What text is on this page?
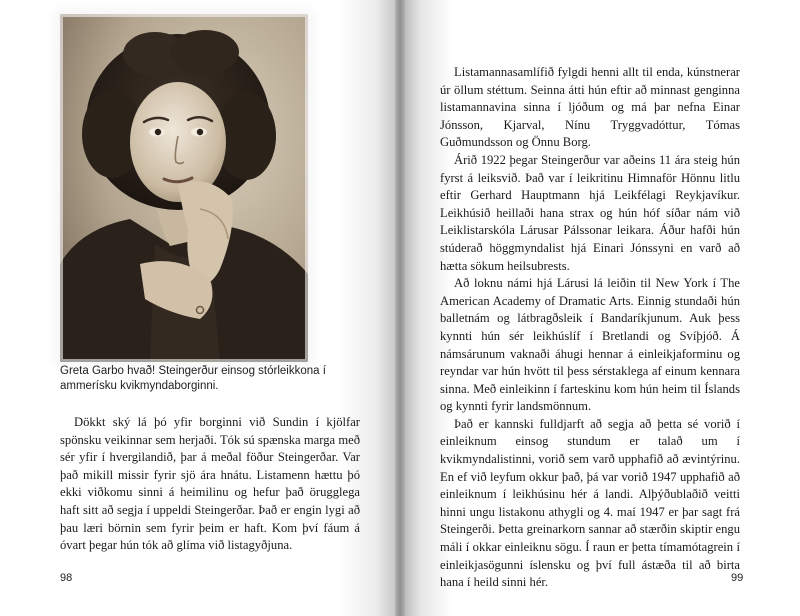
Greta Garbo hvað! Steingerður einsog stórleikkona í ammerísku kvikmyndaborginni.

Dökkt ský lá þó yfir borginni við Sundin í kjölfar spönsku veikinnar sem herjaði. Tók sú spænska marga með sér yfir í hvergilandið, þar á meðal föður Steingerðar. Var það mikill missir fyrir sjö ára hnátu. Listamenn hættu þó ekki viðkomu sinni á heimilinu og hefur það örugglega haft sitt að segja í uppeldi Steingerðar. Það er engin lygi að þau læri börnin sem fyrir þeim er haft. Kom því fáum á óvart þegar hún tók að glíma við listagyðjuna.

98

Listamannasamlífið fylgdi henni allt til enda, kúnstnerar úr öllum stéttum. Seinna átti hún eftir að minnast genginna listamannavina sinna í ljóðum og má þar nefna Einar Jónsson, Kjarval, Nínu Tryggvadóttur, Tómas Guðmundsson og Önnu Borg.

Árið 1922 þegar Steingerður var aðeins 11 ára steig hún fyrst á leiksvið. Það var í leikritinu Himnaför Hönnu litlu eftir Gerhard Hauptmann hjá Leikfélagi Reykjavíkur. Leikhúsið heillaði hana strax og hún hóf síðar nám við Leiklistarskóla Lárusar Pálssonar leikara. Áður hafði hún stúderað höggmyndalist hjá Einari Jónssyni en varð að hætta sökum heilsubrests.

Að loknu námi hjá Lárusi lá leiðin til New York í The American Academy of Dramatic Arts. Einnig stundaði hún balletnám og látbragðsleik í Bandaríkjunum. Auk þess kynnti hún sér leikhúslíf í Bretlandi og Svíþjóð. Á námsárunum vaknaði áhugi hennar á einleikjaforminu og reyndar var hún hvött til þess sérstaklega af einum kennara sinna. Með einleikinn í farteskinu kom hún heim til Íslands og kynnti fyrir landsmönnum.

Það er kannski fulldjarft að segja að þetta sé vorið í einleiknum einsog stundum er talað um í kvikmyndalistinni, vorið sem varð upphafið að ævintýrinu. En ef við leyfum okkur það, þá var vorið 1947 upphafið að einleiknum í leikhúsinu hér á landi. Alþýðublaðið veitti hinni ungu listakonu athygli og 4. maí 1947 er þar sagt frá Steingerði. Þetta greinarkorn sannar að stærðin skiptir engu máli í okkar einleiknu sögu. Í raun er þetta tímamótagrein í einleikjasögunni íslensku og því full ástæða til að birta hana í heild sinni hér.	99
